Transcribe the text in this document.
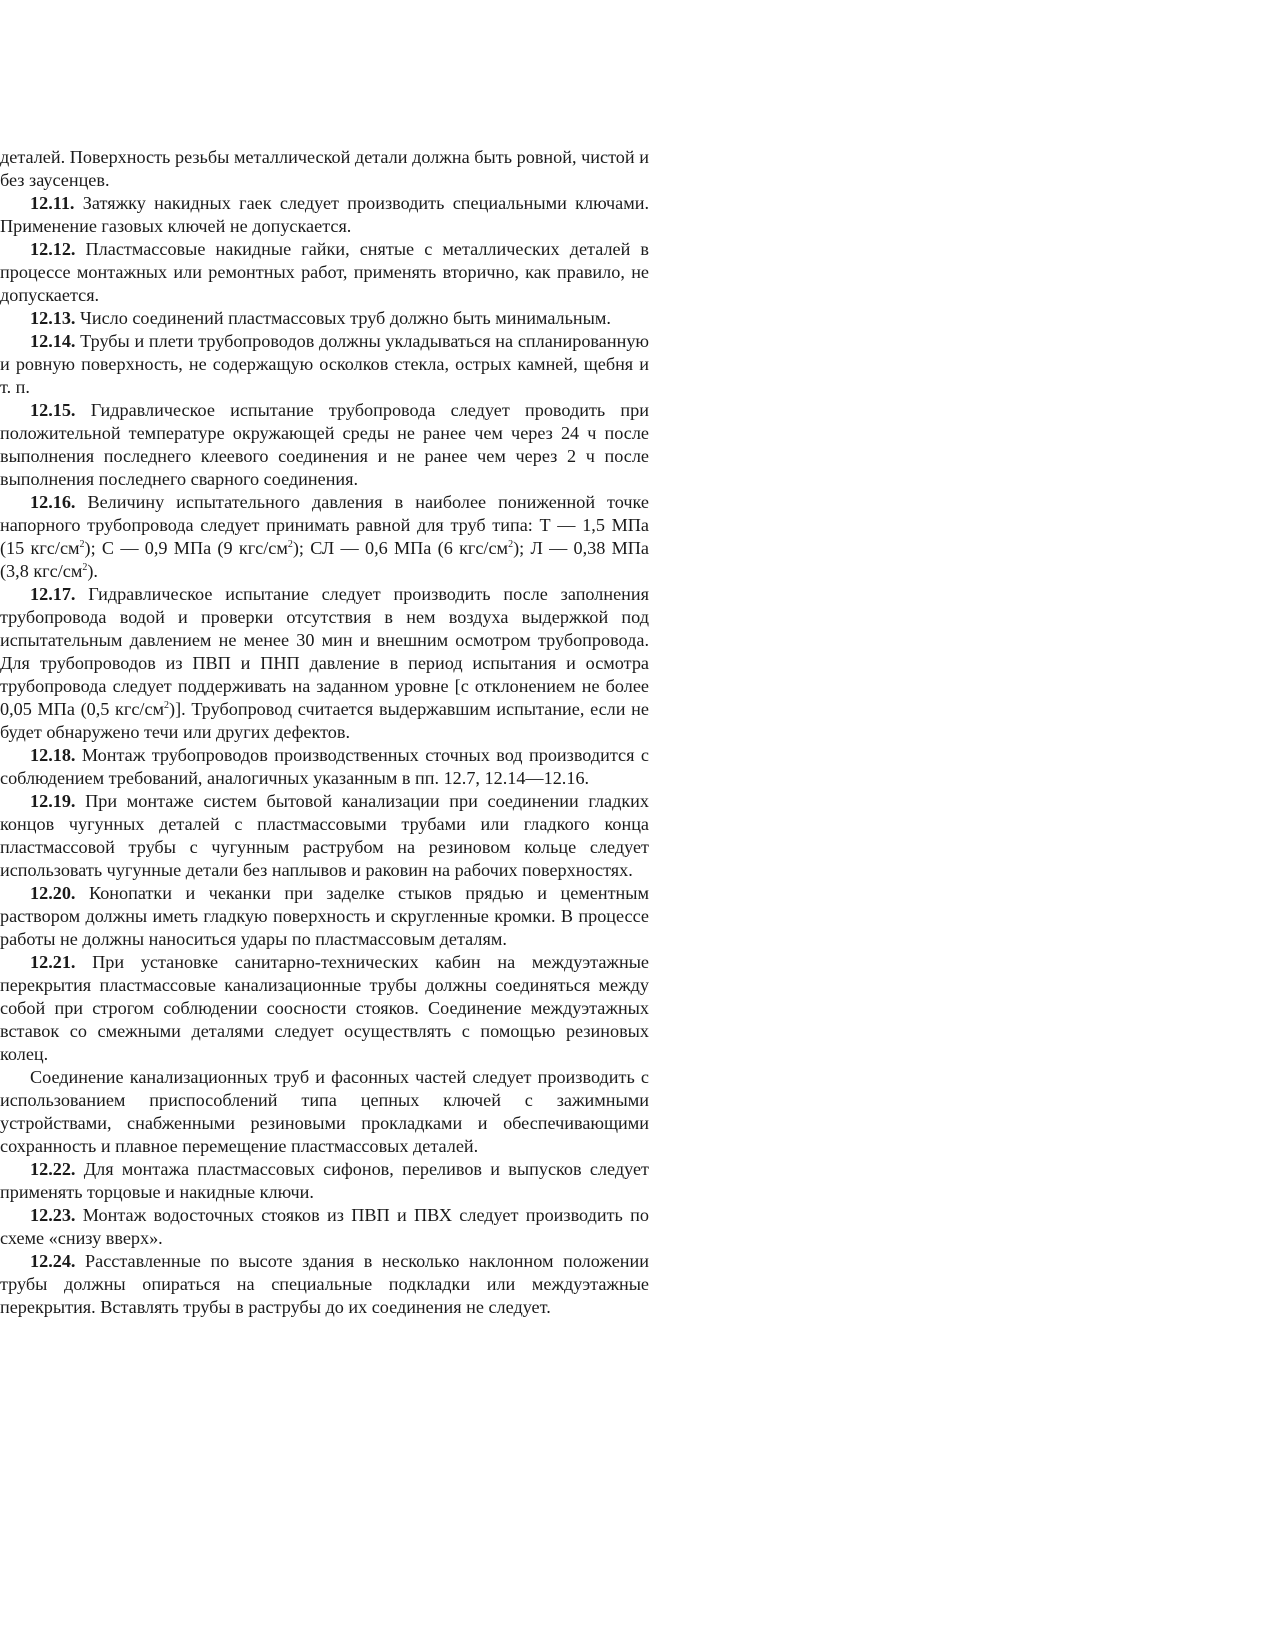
деталей. Поверхность резьбы металлической детали должна быть ровной, чистой и без заусенцев.

12.11. Затяжку накидных гаек следует производить специальными ключами. Применение газовых ключей не допускается.

12.12. Пластмассовые накидные гайки, снятые с металлических деталей в процессе монтажных или ремонтных работ, применять вторично, как правило, не допускается.

12.13. Число соединений пластмассовых труб должно быть минимальным.

12.14. Трубы и плети трубопроводов должны укладываться на спланированную и ровную поверхность, не содержащую осколков стекла, острых камней, щебня и т. п.

12.15. Гидравлическое испытание трубопровода следует проводить при положительной температуре окружающей среды не ранее чем через 24 ч после выполнения последнего клеевого соединения и не ранее чем через 2 ч после выполнения последнего сварного соединения.

12.16. Величину испытательного давления в наиболее пониженной точке напорного трубопровода следует принимать равной для труб типа: Т — 1,5 МПа (15 кгс/$см^2$); С — 0,9 МПа (9 кгс/$см^2$); СЛ — 0,6 МПа (6 кгс/$см^2$); Л — 0,38 МПа (3,8 кгс/$см^2$).

12.17. Гидравлическое испытание следует производить после заполнения трубопровода водой и проверки отсутствия в нем воздуха выдержкой под испытательным давлением не менее 30 мин и внешним осмотром трубопровода. Для трубопроводов из ПВП и ПНП давление в период испытания и осмотра трубопровода следует поддерживать на заданном уровне [с отклонением не более 0,05 МПа (0,5 кгс/$см^2$)]. Трубопровод считается выдержавшим испытание, если не будет обнаружено течи или других дефектов.

12.18. Монтаж трубопроводов производственных сточных вод производится с соблюдением требований, аналогичных указанным в пп. 12.7, 12.14—12.16.

12.19. При монтаже систем бытовой канализации при соединении гладких концов чугунных деталей с пластмассовыми трубами или гладкого конца пластмассовой трубы с чугунным раструбом на резиновом кольце следует использовать чугунные детали без наплывов и раковин на рабочих поверхностях.

12.20. Конопатки и чеканки при заделке стыков прядью и цементным раствором должны иметь гладкую поверхность и скругленные кромки. В процессе работы не должны наноситься удары по пластмассовым деталям.

12.21. При установке санитарно-технических кабин на междуэтажные перекрытия пластмассовые канализационные трубы должны соединяться между собой при строгом соблюдении соосности стояков. Соединение междуэтажных вставок со смежными деталями следует осуществлять с помощью резиновых колец.

Соединение канализационных труб и фасонных частей следует производить с использованием приспособлений типа цепных ключей с зажимными устройствами, снабженными резиновыми прокладками и обеспечивающими сохранность и плавное перемещение пластмассовых деталей.

12.22. Для монтажа пластмассовых сифонов, переливов и выпусков следует применять торцовые и накидные ключи.

12.23. Монтаж водосточных стояков из ПВП и ПВХ следует производить по схеме «снизу вверх».

12.24. Расставленные по высоте здания в несколько наклонном положении трубы должны опираться на специальные подкладки или междуэтажные перекрытия. Вставлять трубы в раструбы до их соединения не следует.
